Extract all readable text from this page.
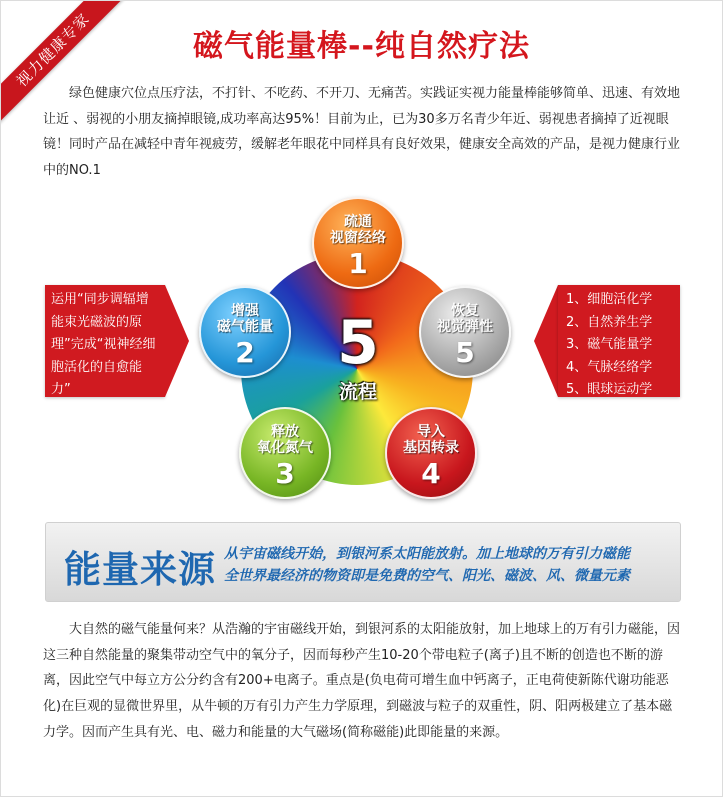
视力健康专家	磁气能量棒--纯自然疗法

绿色健康穴位点压疗法，不打针、不吃药、不开刀、无痛苦。实践证实视力能量棒能够简单、迅速、有效地让近 、弱视的小朋友摘掉眼镜,成功率高达95%！目前为止，已为30多万名青少年近、弱视患者摘掉了近视眼镜！同时产品在减轻中青年视疲劳，缓解老年眼花中同样具有良好效果，健康安全高效的产品，是视力健康行业中的NO.1

5
流程
疏通
视窗经络
1
增强
磁气能量
2
释放
氧化氮气
3
导入
基因转录
4
恢复
视觉弹性
5
运用“同步调辐增能束光磁波的原理”完成“视神经细胞活化的自愈能力”
1、细胞活化学
2、自然养生学
3、磁气能量学
4、气脉经络学
5、眼球运动学
能量来源 从宇宙磁线开始，到银河系太阳能放射。加上地球的万有引力磁能
全世界最经济的物资即是免费的空气、阳光、磁波、风、微量元素

大自然的磁气能量何来？从浩瀚的宇宙磁线开始，到银河系的太阳能放射，加上地球上的万有引力磁能，因这三种自然能量的聚集带动空气中的氧分子，因而每秒产生10-20个带电粒子(离子)且不断的创造也不断的游离，因此空气中每立方公分约含有200+电离子。重点是(负电荷可增生血中钙离子，正电荷使新陈代谢功能恶化)在巨观的显微世界里，从牛顿的万有引力产生力学原理，到磁波与粒子的双重性，阴、阳两极建立了基本磁力学。因而产生具有光、电、磁力和能量的大气磁场(简称磁能)此即能量的来源。
